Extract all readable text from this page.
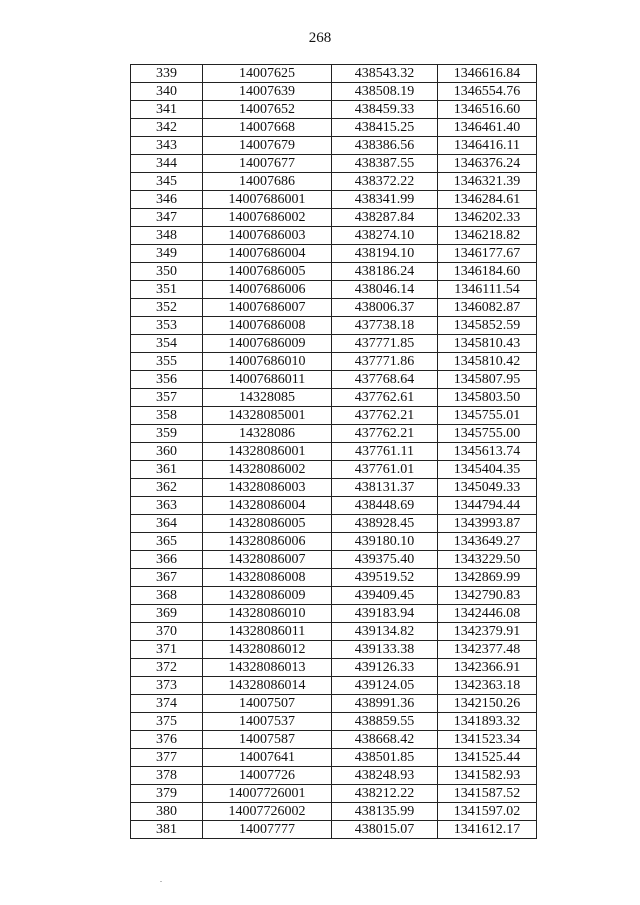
268
339	14007625	438543.32	1346616.84
340	14007639	438508.19	1346554.76
341	14007652	438459.33	1346516.60
342	14007668	438415.25	1346461.40
343	14007679	438386.56	1346416.11
344	14007677	438387.55	1346376.24
345	14007686	438372.22	1346321.39
346	14007686001	438341.99	1346284.61
347	14007686002	438287.84	1346202.33
348	14007686003	438274.10	1346218.82
349	14007686004	438194.10	1346177.67
350	14007686005	438186.24	1346184.60
351	14007686006	438046.14	1346111.54
352	14007686007	438006.37	1346082.87
353	14007686008	437738.18	1345852.59
354	14007686009	437771.85	1345810.43
355	14007686010	437771.86	1345810.42
356	14007686011	437768.64	1345807.95
357	14328085	437762.61	1345803.50
358	14328085001	437762.21	1345755.01
359	14328086	437762.21	1345755.00
360	14328086001	437761.11	1345613.74
361	14328086002	437761.01	1345404.35
362	14328086003	438131.37	1345049.33
363	14328086004	438448.69	1344794.44
364	14328086005	438928.45	1343993.87
365	14328086006	439180.10	1343649.27
366	14328086007	439375.40	1343229.50
367	14328086008	439519.52	1342869.99
368	14328086009	439409.45	1342790.83
369	14328086010	439183.94	1342446.08
370	14328086011	439134.82	1342379.91
371	14328086012	439133.38	1342377.48
372	14328086013	439126.33	1342366.91
373	14328086014	439124.05	1342363.18
374	14007507	438991.36	1342150.26
375	14007537	438859.55	1341893.32
376	14007587	438668.42	1341523.34
377	14007641	438501.85	1341525.44
378	14007726	438248.93	1341582.93
379	14007726001	438212.22	1341587.52
380	14007726002	438135.99	1341597.02
381	14007777	438015.07	1341612.17
